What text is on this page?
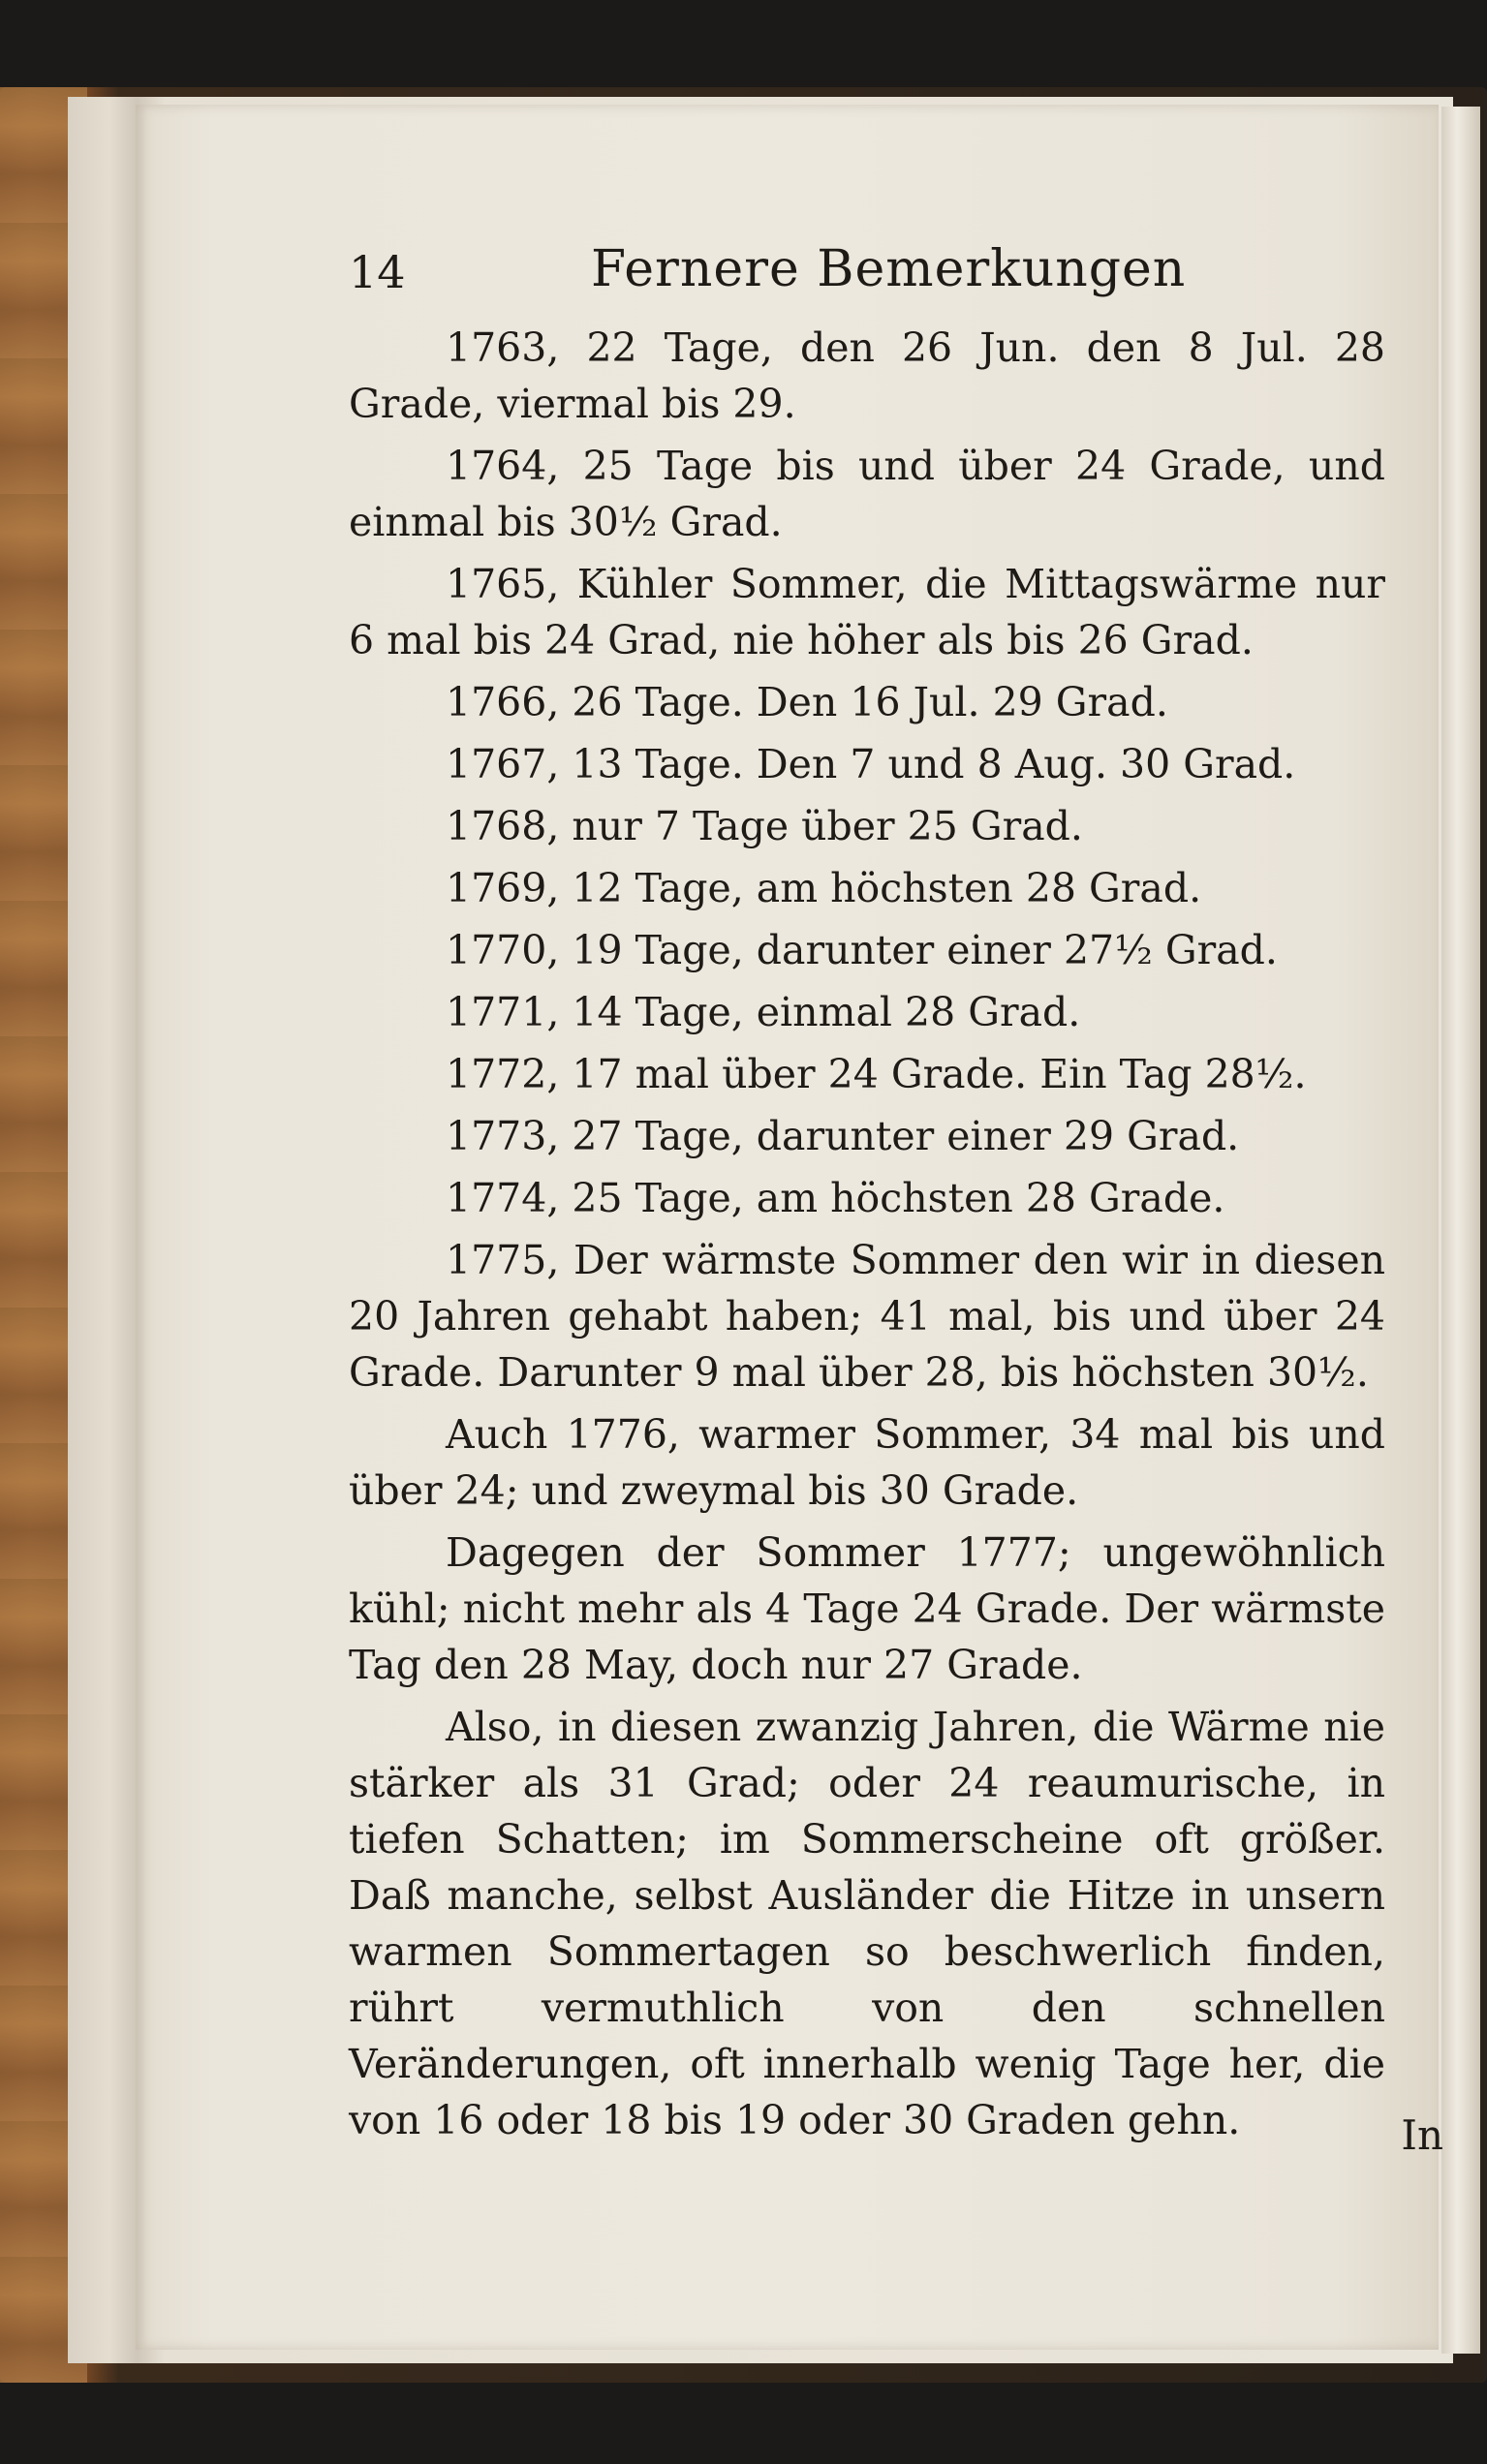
14	Fernere Bemerkungen

1763, 22 Tage, den 26 Jun. den 8 Jul. 28 Grade, viermal bis 29.

1764, 25 Tage bis und über 24 Grade, und einmal bis 30½ Grad.

1765, Kühler Sommer, die Mittagswärme nur 6 mal bis 24 Grad, nie höher als bis 26 Grad.

1766, 26 Tage. Den 16 Jul. 29 Grad.

1767, 13 Tage. Den 7 und 8 Aug. 30 Grad.

1768, nur 7 Tage über 25 Grad.

1769, 12 Tage, am höchsten 28 Grad.

1770, 19 Tage, darunter einer 27½ Grad.

1771, 14 Tage, einmal 28 Grad.

1772, 17 mal über 24 Grade. Ein Tag 28½.

1773, 27 Tage, darunter einer 29 Grad.

1774, 25 Tage, am höchsten 28 Grade.

1775, Der wärmste Sommer den wir in diesen 20 Jahren gehabt haben; 41 mal, bis und über 24 Grade. Darunter 9 mal über 28, bis höchsten 30½.

Auch 1776, warmer Sommer, 34 mal bis und über 24; und zweymal bis 30 Grade.

Dagegen der Sommer 1777; ungewöhnlich kühl; nicht mehr als 4 Tage 24 Grade. Der wärmste Tag den 28 May, doch nur 27 Grade.

Also, in diesen zwanzig Jahren, die Wärme nie stärker als 31 Grad; oder 24 reaumurische, in tiefen Schatten; im Sommerscheine oft größer. Daß manche, selbst Ausländer die Hitze in unsern warmen Sommertagen so beschwerlich finden, rührt vermuthlich von den schnellen Veränderungen, oft innerhalb wenig Tage her, die von 16 oder 18 bis 19 oder 30 Graden gehn.	In
